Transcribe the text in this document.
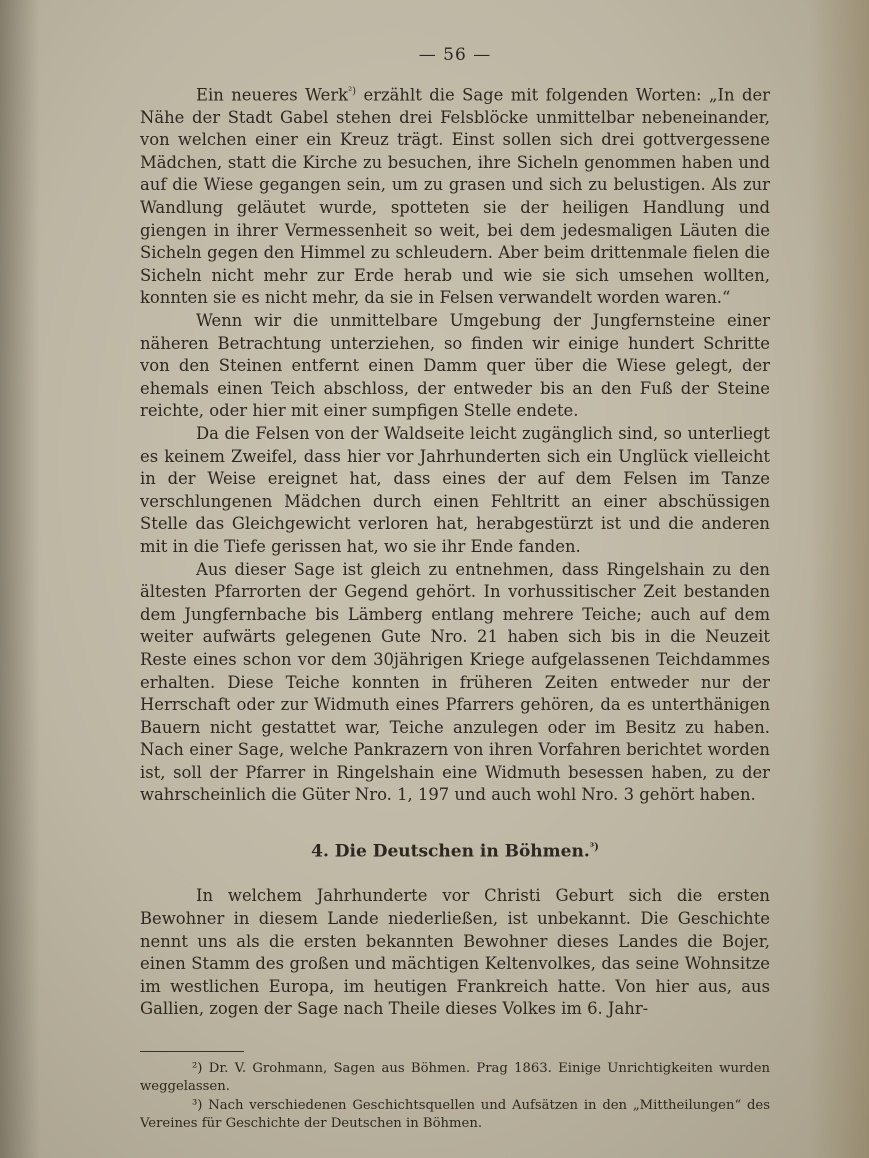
— 56 —

Ein neueres Werk$^{^2)}$ erzählt die Sage mit folgenden Worten: „In der Nähe der Stadt Gabel stehen drei Felsblöcke unmittelbar nebeneinander, von welchen einer ein Kreuz trägt. Einst sollen sich drei gottvergessene Mädchen, statt die Kirche zu besuchen, ihre Sicheln genommen haben und auf die Wiese gegangen sein, um zu grasen und sich zu belustigen. Als zur Wandlung geläutet wurde, spotteten sie der heiligen Handlung und giengen in ihrer Vermessenheit so weit, bei dem jedesmaligen Läuten die Sicheln gegen den Himmel zu schleudern. Aber beim drittenmale fielen die Sicheln nicht mehr zur Erde herab und wie sie sich umsehen wollten, konnten sie es nicht mehr, da sie in Felsen verwandelt worden waren.“

Wenn wir die unmittelbare Umgebung der Jungfernsteine einer näheren Betrachtung unterziehen, so finden wir einige hundert Schritte von den Steinen entfernt einen Damm quer über die Wiese gelegt, der ehemals einen Teich abschloss, der entweder bis an den Fuß der Steine reichte, oder hier mit einer sumpfigen Stelle endete.

Da die Felsen von der Waldseite leicht zugänglich sind, so unterliegt es keinem Zweifel, dass hier vor Jahrhunderten sich ein Unglück vielleicht in der Weise ereignet hat, dass eines der auf dem Felsen im Tanze verschlungenen Mädchen durch einen Fehltritt an einer abschüssigen Stelle das Gleichgewicht verloren hat, herabgestürzt ist und die anderen mit in die Tiefe gerissen hat, wo sie ihr Ende fanden.

Aus dieser Sage ist gleich zu entnehmen, dass Ringelshain zu den ältesten Pfarrorten der Gegend gehört. In vorhussitischer Zeit bestanden dem Jungfernbache bis Lämberg entlang mehrere Teiche; auch auf dem weiter aufwärts gelegenen Gute Nro. 21 haben sich bis in die Neuzeit Reste eines schon vor dem 30jährigen Kriege aufgelassenen Teichdammes erhalten. Diese Teiche konnten in früheren Zeiten entweder nur der Herrschaft oder zur Widmuth eines Pfarrers gehören, da es unterthänigen Bauern nicht gestattet war, Teiche anzulegen oder im Besitz zu haben. Nach einer Sage, welche Pankrazern von ihren Vorfahren berichtet worden ist, soll der Pfarrer in Ringelshain eine Widmuth besessen haben, zu der wahrscheinlich die Güter Nro. 1, 197 und auch wohl Nro. 3 gehört haben.

4. Die Deutschen in Böhmen.$^{^3)}$

In welchem Jahrhunderte vor Christi Geburt sich die ersten Bewohner in diesem Lande niederließen, ist unbekannt. Die Geschichte nennt uns als die ersten bekannten Bewohner dieses Landes die Bojer, einen Stamm des großen und mächtigen Keltenvolkes, das seine Wohnsitze im westlichen Europa, im heutigen Frankreich hatte. Von hier aus, aus Gallien, zogen der Sage nach Theile dieses Volkes im 6. Jahr-

²) Dr. V. Grohmann, Sagen aus Böhmen. Prag 1863. Einige Unrichtigkeiten wurden weggelassen.

³) Nach verschiedenen Geschichtsquellen und Aufsätzen in den „Mittheilungen“ des Vereines für Geschichte der Deutschen in Böhmen.
